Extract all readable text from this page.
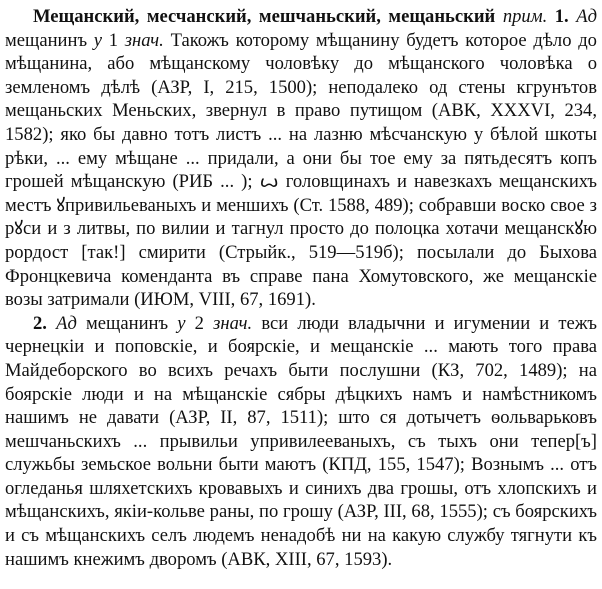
Мещанский, месчанский, мешчаньский, мещаньский прим. 1. Ад мещанинъ у 1 знач. Такожъ которому мѣщанину будетъ которое дѣло до мѣщанина, або мѣщанскому чоловѣку до мѣщанского чоловѣка о земленомъ дѣлѣ (АЗР, I, 215, 1500); неподалеко од стены кгрунътов мещаньских Меньских, звернул в право путищом (АВК, XXXVI, 234, 1582); яко бы давно тотъ листъ ... на лазню мѣсчанскую у бѣлой шкоты рѣки, ... ему мѣщане ... придали, а они бы тое ему за пятьдесятъ копъ грошей мѣщанскую (РИБ ... ); ꙍ головщинахъ и навезкахъ мещанскихъ местъ ꙋпривильеваныхъ и меншихъ (Ст. 1588, 489); собравши воско свое з рꙋси и з литвы, по вилии и тагнул просто до полоцка хотачи мещанскꙋю рордост [так!] смирити (Стрыйк., 519—519б); посылали до Быхова Фронцкевича коменданта въ справе пана Хомутовского, же мещанскіе возы затримали (ИЮМ, VIII, 67, 1691).

2. Ад мещанинъ у 2 знач. вси люди владычни и игумении и тежъ чернецкіи и поповскіе, и боярскіе, и мещанскіе ... мають того права Майдеборского во всихъ речахъ быти послушни (КЗ, 702, 1489); на боярскіе люди и на мѣщанскіе сябры дѣцкихъ намъ и намѣстникомъ нашимъ не давати (АЗР, II, 87, 1511); што ся дотычетъ ѳольварьковъ мешчаньскихъ ... прывильи упривилееваныхъ, съ тыхъ они тепер[ъ] служьбы земьское вольни быти маютъ (КПД, 155, 1547); Вознымъ ... отъ огледанья шляхетскихъ кровавыхъ и синихъ два грошы, отъ хлопскихъ и мѣщанскихъ, якіи-кольве раны, по грошу (АЗР, III, 68, 1555); съ боярскихъ и съ мѣщанскихъ селъ людемъ ненадобѣ ни на какую службу тягнути къ нашимъ кнежимъ дворомъ (АВК, XIII, 67, 1593).
